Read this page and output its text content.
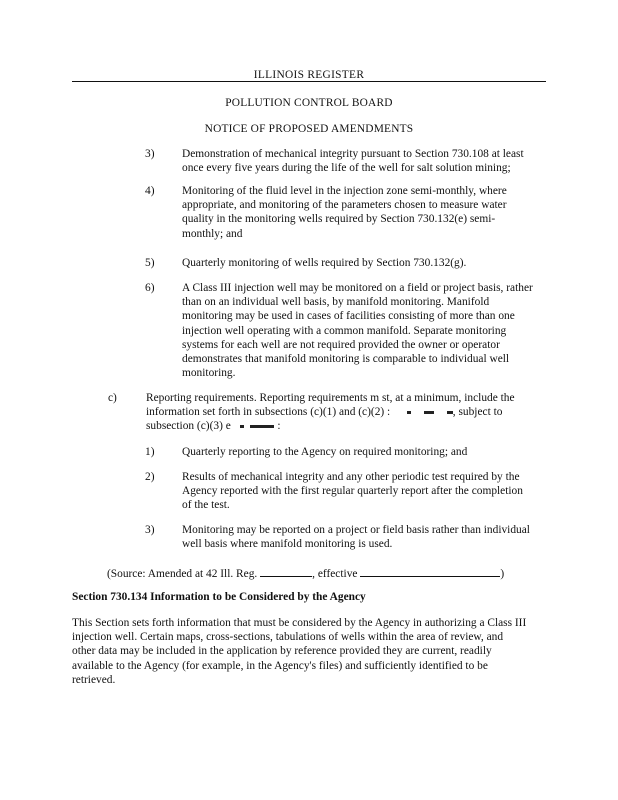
ILLINOIS REGISTER
POLLUTION CONTROL BOARD
NOTICE OF PROPOSED AMENDMENTS
3) Demonstration of mechanical integrity pursuant to Section 730.108 at least
once every five years during the life of the well for salt solution mining;
4) Monitoring of the fluid level in the injection zone semi-monthly, where
appropriate, and monitoring of the parameters chosen to measure water
quality in the monitoring wells required by Section 730.132(e) semi-
monthly; and
5) Quarterly monitoring of wells required by Section 730.132(g).
6) A Class III injection well may be monitored on a field or project basis, rather
than on an individual well basis, by manifold monitoring. Manifold
monitoring may be used in cases of facilities consisting of more than one
injection well operating with a common manifold. Separate monitoring
systems for each well are not required provided the owner or operator
demonstrates that manifold monitoring is comparable to individual well
monitoring.
c)	Reporting requirements. Reporting requirements m st, at a minimum, include the
information set forth in subsections (c)(1) and (c)(2) :	, subject to
subsection (c)(3) e	:
1) Quarterly reporting to the Agency on required monitoring; and
2) Results of mechanical integrity and any other periodic test required by the
Agency reported with the first regular quarterly report after the completion
of the test.
3) Monitoring may be reported on a project or field basis rather than individual
well basis where manifold monitoring is used.
(Source: Amended at 42 Ill. Reg.	, effective	)
Section 730.134 Information to be Considered by the Agency
This Section sets forth information that must be considered by the Agency in authorizing a Class III
injection well. Certain maps, cross-sections, tabulations of wells within the area of review, and
other data may be included in the application by reference provided they are current, readily
available to the Agency (for example, in the Agency's files) and sufficiently identified to be
retrieved.
